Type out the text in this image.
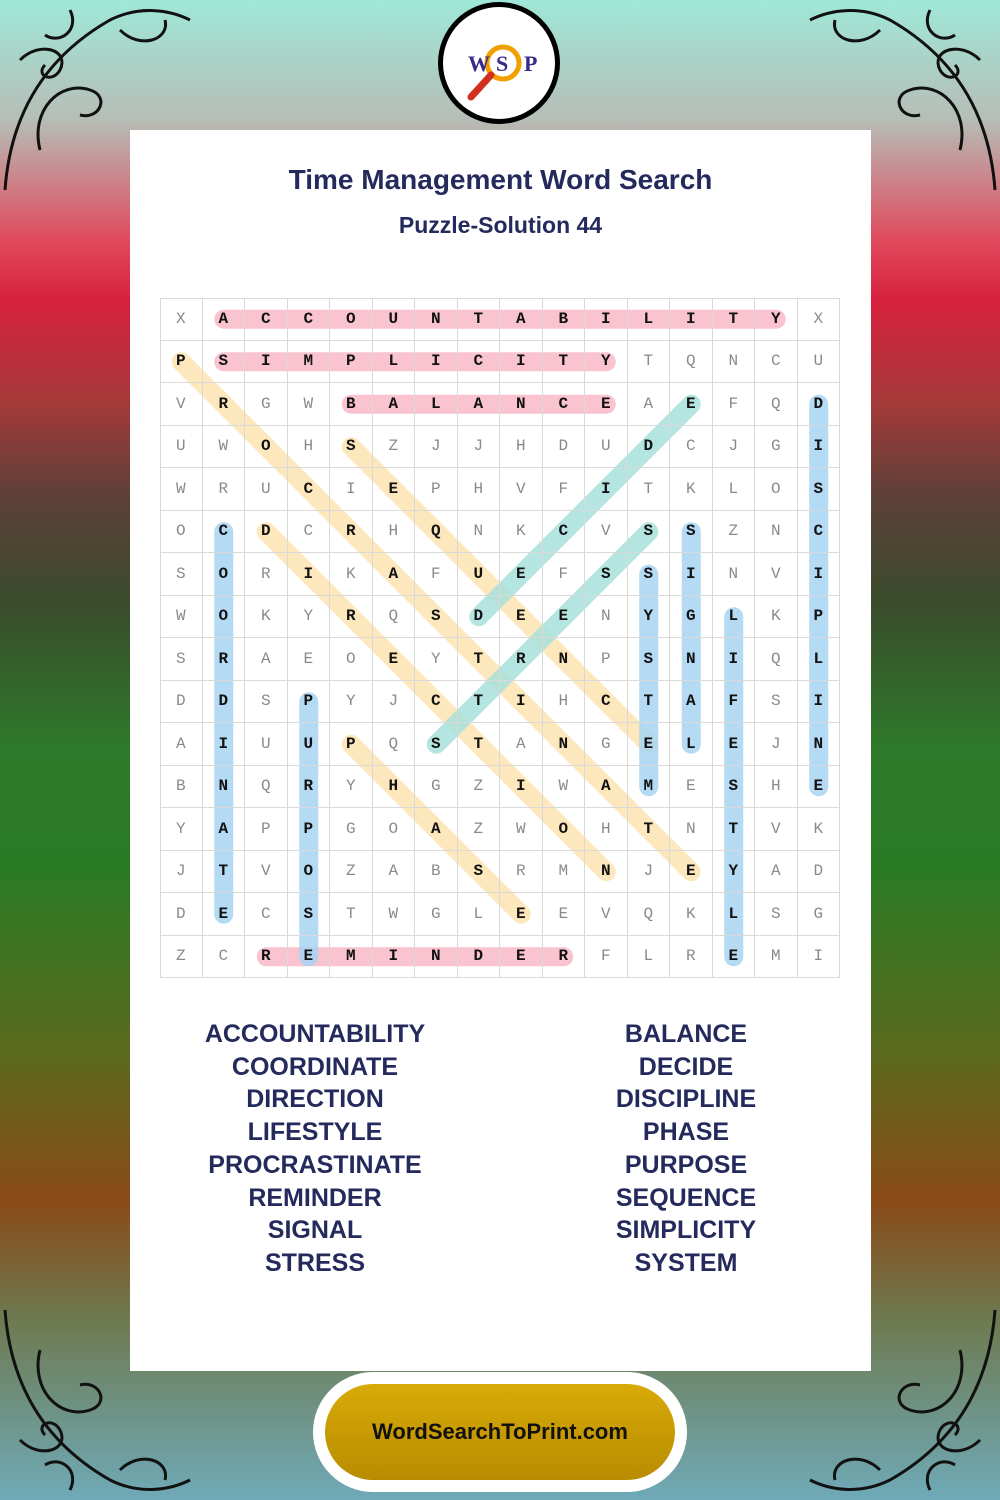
W S P
Time Management Word Search
Puzzle-Solution 44
X	A	C	C	O	U	N	T	A	B	I	L	I	T	Y	X
P	S	I	M	P	L	I	C	I	T	Y	T	Q	N	C	U
V	R	G	W	B	A	L	A	N	C	E	A	E	F	Q	D
U	W	O	H	S	Z	J	J	H	D	U	D	C	J	G	I
W	R	U	C	I	E	P	H	V	F	I	T	K	L	O	S
O	C	D	C	R	H	Q	N	K	C	V	S	S	Z	N	C
S	O	R	I	K	A	F	U	E	F	S	S	I	N	V	I
W	O	K	Y	R	Q	S	D	E	E	N	Y	G	L	K	P
S	R	A	E	O	E	Y	T	R	N	P	S	N	I	Q	L
D	D	S	P	Y	J	C	T	I	H	C	T	A	F	S	I
A	I	U	U	P	Q	S	T	A	N	G	E	L	E	J	N
B	N	Q	R	Y	H	G	Z	I	W	A	M	E	S	H	E
Y	A	P	P	G	O	A	Z	W	O	H	T	N	T	V	K
J	T	V	O	Z	A	B	S	R	M	N	J	E	Y	A	D
D	E	C	S	T	W	G	L	E	E	V	Q	K	L	S	G
Z	C	R	E	M	I	N	D	E	R	F	L	R	E	M	I
ACCOUNTABILITY
COORDINATE
DIRECTION
LIFESTYLE
PROCRASTINATE
REMINDER
SIGNAL
STRESS
BALANCE
DECIDE
DISCIPLINE
PHASE
PURPOSE
SEQUENCE
SIMPLICITY
SYSTEM
WordSearchToPrint.com
